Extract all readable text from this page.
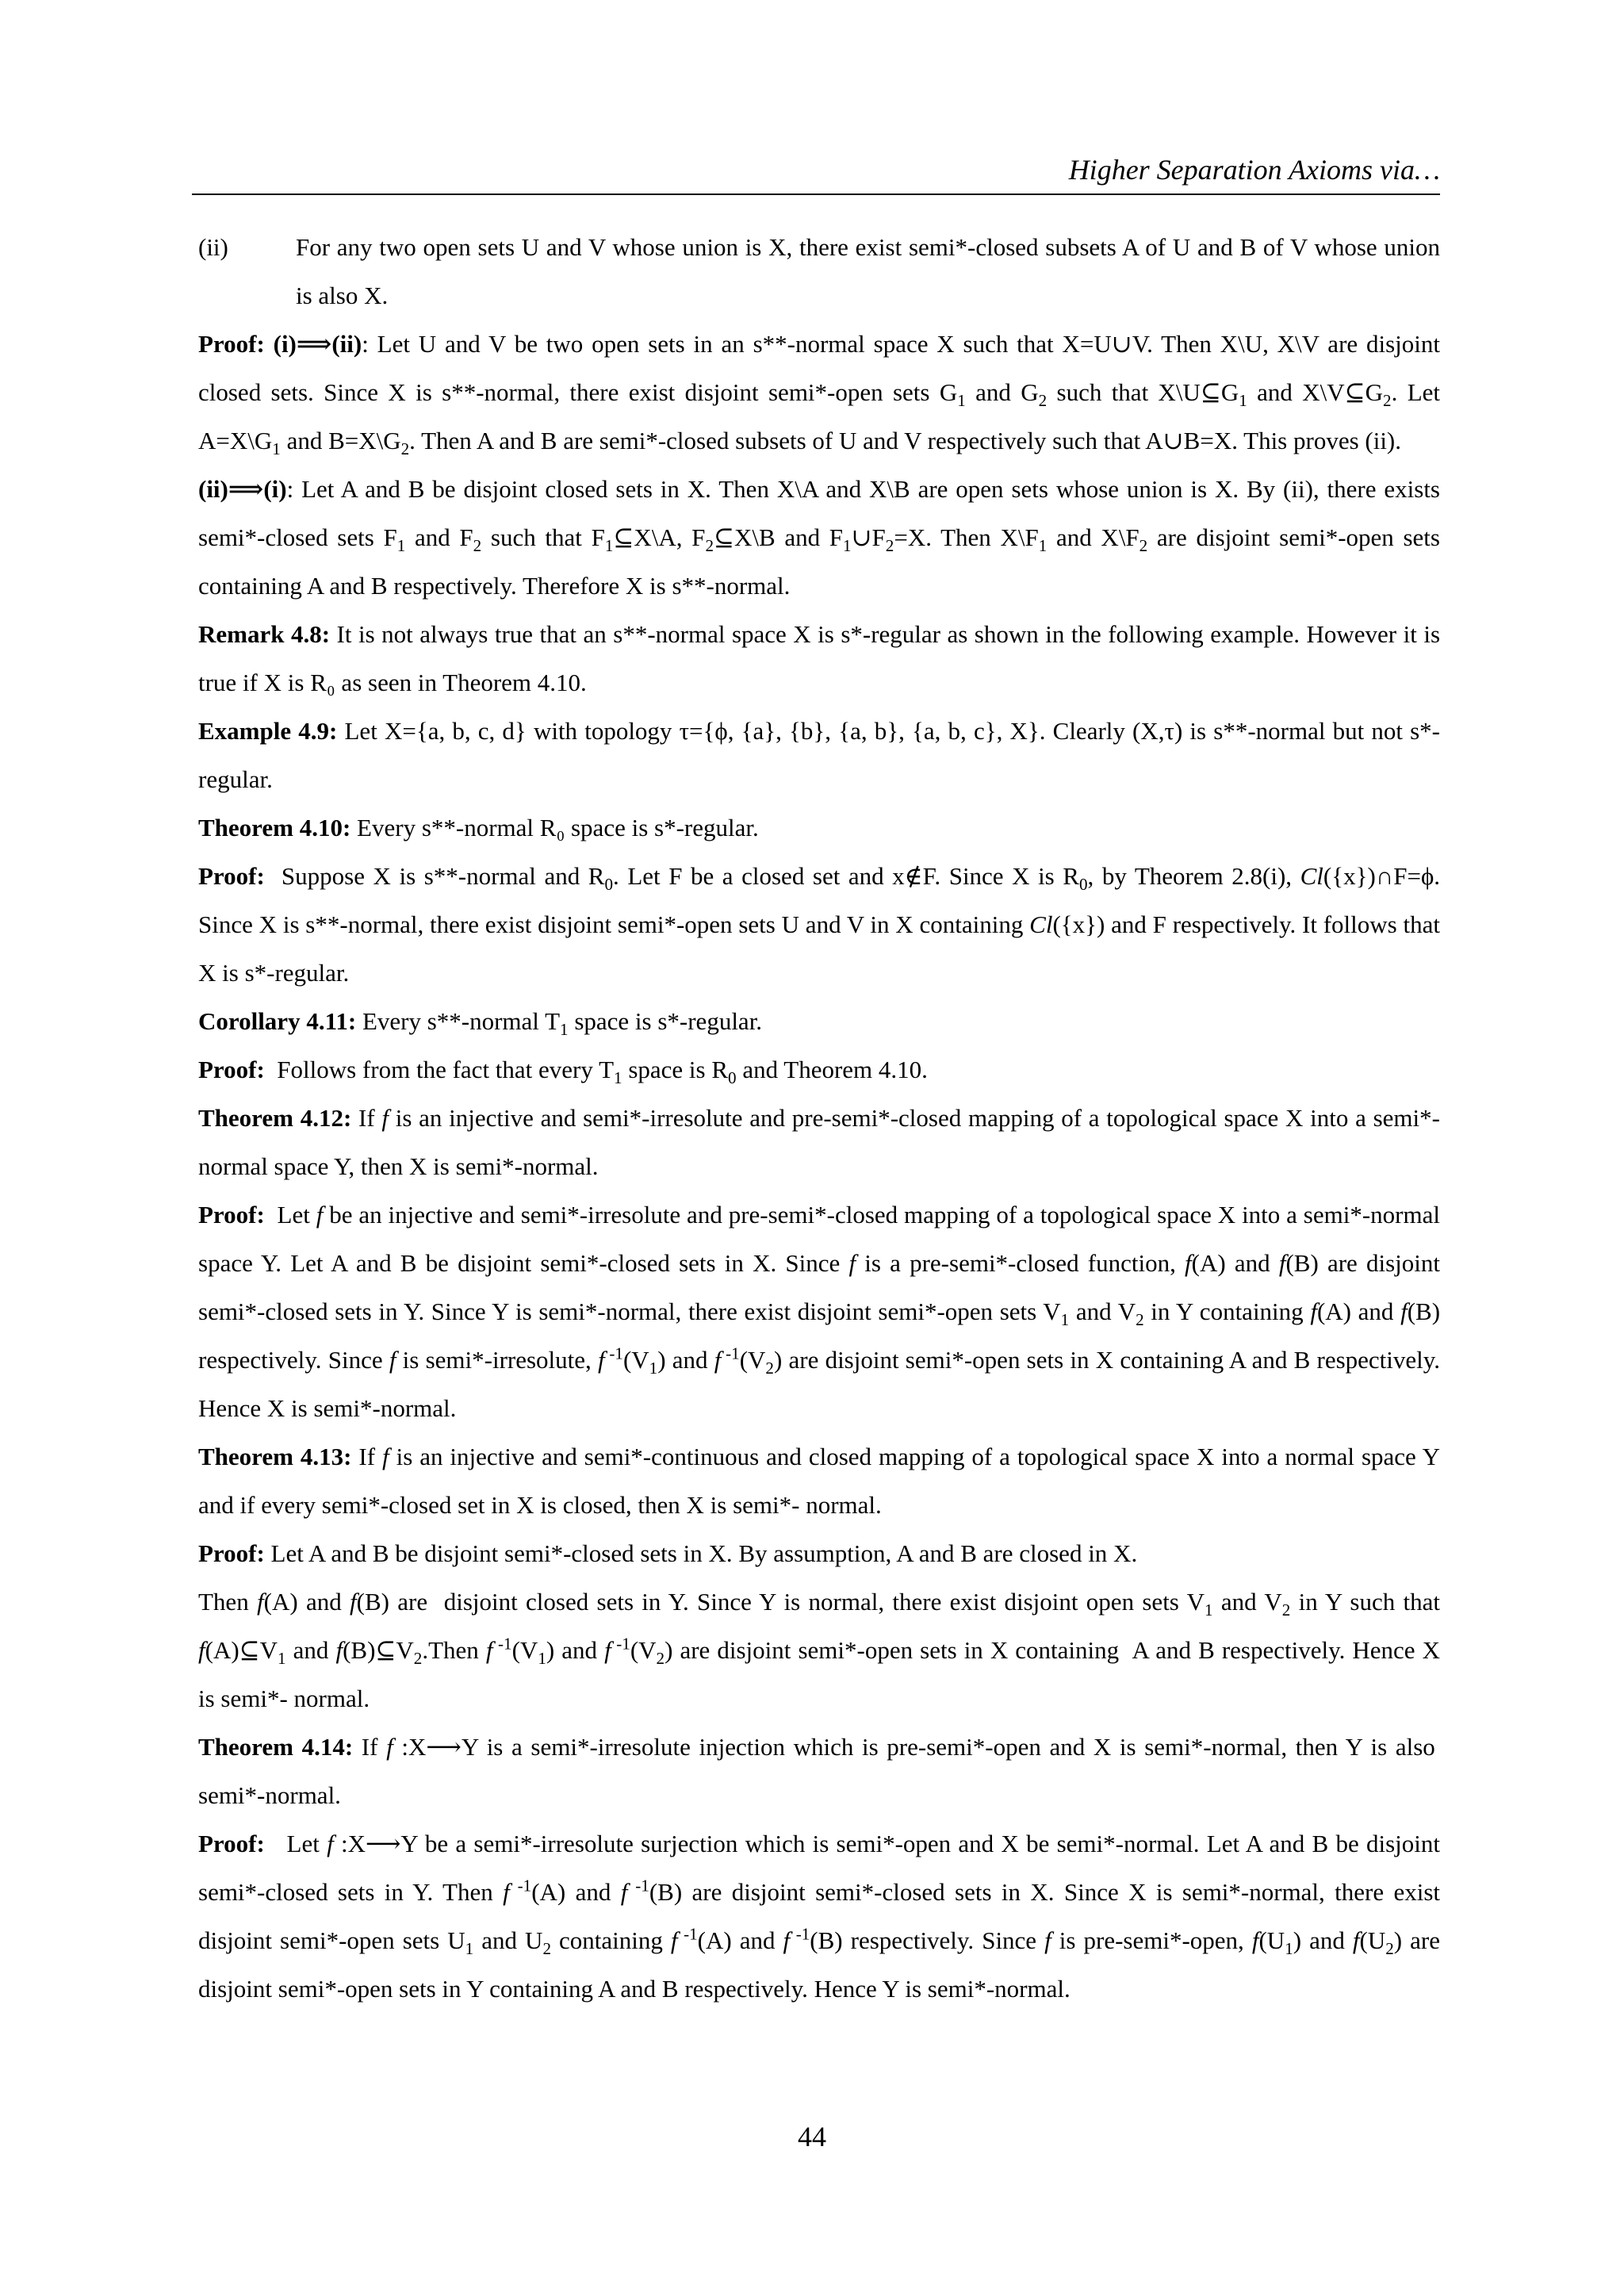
Higher Separation Axioms via…
(ii)	For any two open sets U and V whose union is X, there exist semi*-closed subsets A of U and B of V whose union is also X.

Proof: (i)⟹(ii): Let U and V be two open sets in an s**-normal space X such that X=U∪V. Then X\U, X\V are disjoint closed sets. Since X is s**-normal, there exist disjoint semi*-open sets $G_1$ and $G_2$ such that $X\backslash U⊆G_1$ and $X\backslash V⊆G_2$. Let $A=X\backslash G_1$ and $B=X\backslash G_2$. Then A and B are semi*-closed subsets of U and V respectively such that A∪B=X. This proves (ii).

(ii)⟹(i): Let A and B be disjoint closed sets in X. Then X\A and X\B are open sets whose union is X. By (ii), there exists semi*-closed sets $F_1$ and $F_2$ such that $F_1⊆X\backslash A$, $F_2⊆X\backslash B$ and $F_1\cup F_2=X$. Then $X\backslash F_1$ and $X\backslash F_2$ are disjoint semi*-open sets containing A and B respectively. Therefore X is s**-normal.

Remark 4.8: It is not always true that an s**-normal space X is s*-regular as shown in the following example. However it is true if X is R₀ as seen in Theorem 4.10.

Example 4.9: Let X={a, b, c, d} with topology τ={ϕ, {a}, {b}, {a, b}, {a, b, c}, X}. Clearly (X,τ) is s**-normal but not s*-regular.

Theorem 4.10: Every s**-normal R₀ space is s*-regular.

Proof:  Suppose X is s**-normal and $R_0$. Let F be a closed set and x∉F. Since X is $R_0$, by Theorem 2.8(i), Cl({x})∩F=ϕ. Since X is s**-normal, there exist disjoint semi*-open sets U and V in X containing Cl({x}) and F respectively. It follows that X is s*-regular.

Corollary 4.11: Every s**-normal $T_1$ space is s*-regular.

Proof:  Follows from the fact that every $T_1$ space is $R_0$ and Theorem 4.10.

Theorem 4.12: If f is an injective and semi*-irresolute and pre-semi*-closed mapping of a topological space X into a semi*-normal space Y, then X is semi*-normal.

Proof:  Let f be an injective and semi*-irresolute and pre-semi*-closed mapping of a topological space X into a semi*-normal space Y. Let A and B be disjoint semi*-closed sets in X. Since f is a pre-semi*-closed function, f(A) and f(B) are disjoint semi*-closed sets in Y. Since Y is semi*-normal, there exist disjoint semi*-open sets $V_1$ and $V_2$ in Y containing f(A) and f(B) respectively. Since f is semi*-irresolute, f $^{-1}(V_1)$ and f $^{-1}(V_2)$ are disjoint semi*-open sets in X containing A and B respectively. Hence X is semi*-normal.

Theorem 4.13: If f is an injective and semi*-continuous and closed mapping of a topological space X into a normal space Y and if every semi*-closed set in X is closed, then X is semi*- normal.

Proof: Let A and B be disjoint semi*-closed sets in X. By assumption, A and B are closed in X.

Then f(A) and f(B) are  disjoint closed sets in Y. Since Y is normal, there exist disjoint open sets $V_1$ and $V_2$ in Y such that $f(A)⊆V_1$ and $f(B)⊆V_2.Then$ f $^{-1}(V_1)$ and f $^{-1}(V_2)$ are disjoint semi*-open sets in X containing  A and B respectively. Hence X is semi*- normal.

Theorem 4.14: If f :X⟶Y is a semi*-irresolute injection which is pre-semi*-open and X is semi*-normal, then Y is also semi*-normal.

Proof:   Let f :X⟶Y be a semi*-irresolute surjection which is semi*-open and X be semi*-normal. Let A and B be disjoint semi*-closed sets in Y. Then f $^{-1}$(A) and f $^{-1}$(B) are disjoint semi*-closed sets in X. Since X is semi*-normal, there exist disjoint semi*-open sets $U_1$ and $U_2$ containing f $^{-1}$(A) and f $^{-1}$(B) respectively. Since f is pre-semi*-open, $f(U_1)$ and $f(U_2)$ are disjoint semi*-open sets in Y containing A and B respectively. Hence Y is semi*-normal.

44
